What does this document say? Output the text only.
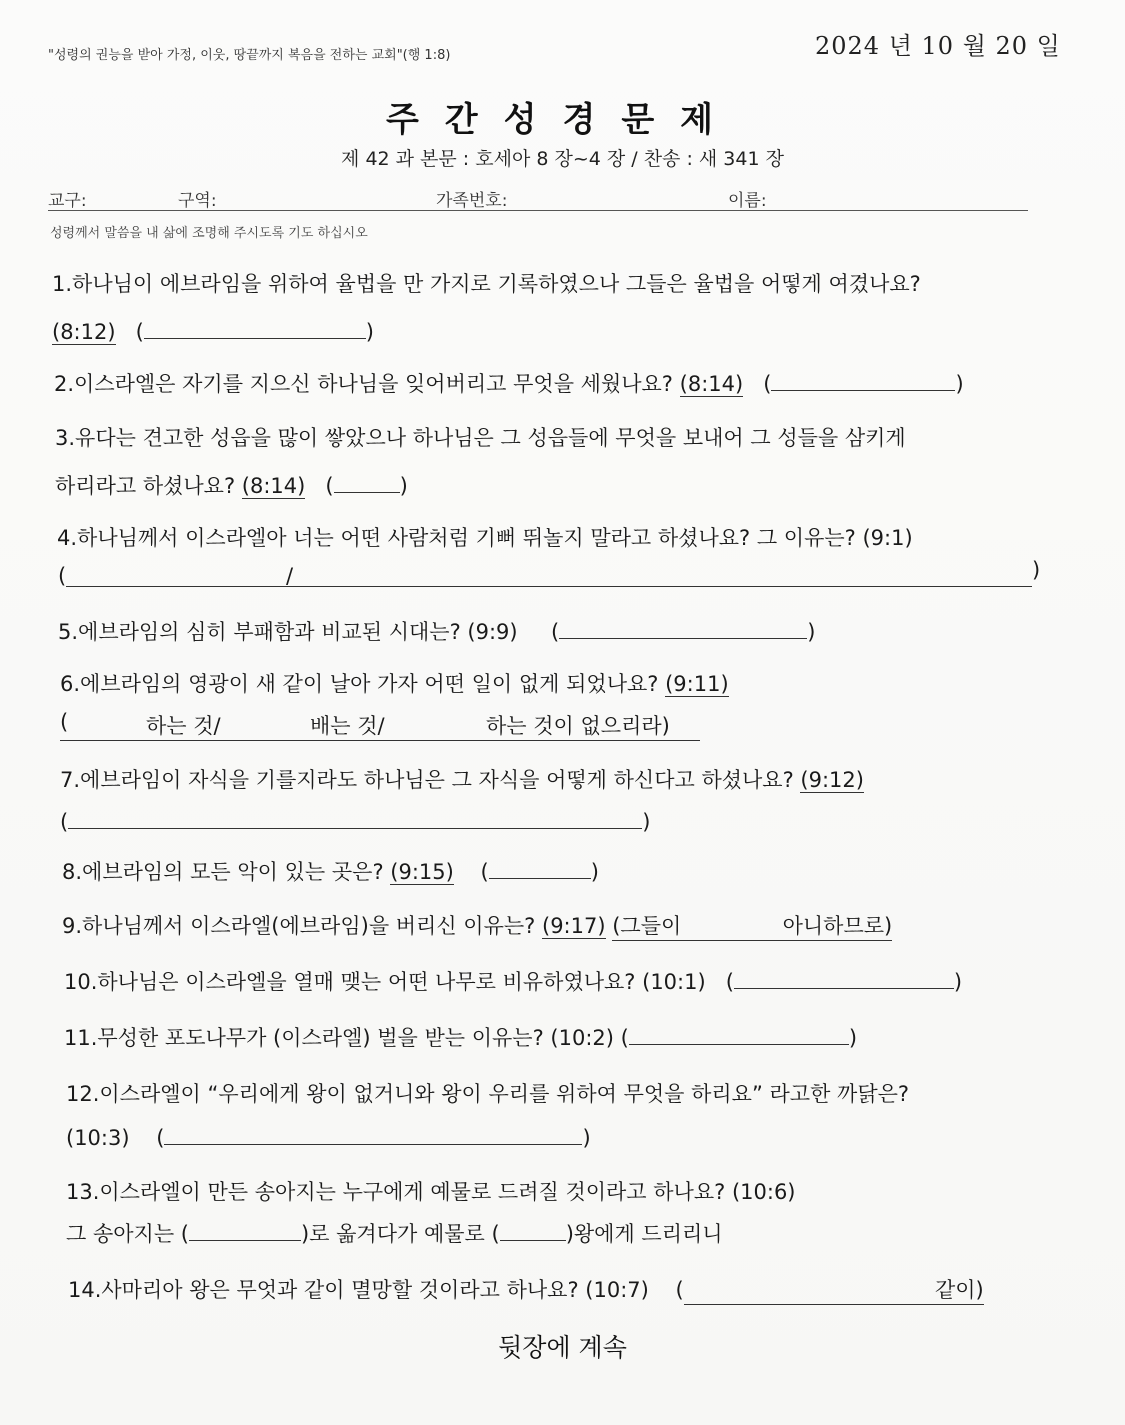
"성령의 권능을 받아 가정, 이웃, 땅끝까지 복음을 전하는 교회"(행 1:8)	2024 년 10 월 20 일
주간성경문제
제 42 과 본문 : 호세아 8 장~4 장 / 찬송 : 새 341 장
교구:	구역:	가족번호:	이름:
성령께서 말씀을 내 삶에 조명해 주시도록 기도 하십시오
1.하나님이 에브라임을 위하여 율법을 만 가지로 기록하였으나 그들은 율법을 어떻게 여겼나요?
(8:12) (	)
2.이스라엘은 자기를 지으신 하나님을 잊어버리고 무엇을 세웠나요? (8:14) (	)
3.유다는 견고한 성읍을 많이 쌓았으나 하나님은 그 성읍들에 무엇을 보내어 그 성들을 삼키게
하리라고 하셨나요? (8:14) (	)
4.하나님께서 이스라엘아 너는 어떤 사람처럼 기뻐 뛰놀지 말라고 하셨나요? 그 이유는? (9:1)
(	/	)
5.에브라임의 심히 부패함과 비교된 시대는? (9:9) (	)
6.에브라임의 영광이 새 같이 날아 가자 어떤 일이 없게 되었나요? (9:11)
(	하는 것/	배는 것/	하는 것이 없으리라)
7.에브라임이 자식을 기를지라도 하나님은 그 자식을 어떻게 하신다고 하셨나요? (9:12)
(	)
8.에브라임의 모든 악이 있는 곳은? (9:15) (	)
9.하나님께서 이스라엘(에브라임)을 버리신 이유는? (9:17) (그들이	아니하므로)
10.하나님은 이스라엘을 열매 맺는 어떤 나무로 비유하였나요? (10:1) (	)
11.무성한 포도나무가 (이스라엘) 벌을 받는 이유는? (10:2) (	)
12.이스라엘이 “우리에게 왕이 없거니와 왕이 우리를 위하여 무엇을 하리요” 라고한 까닭은?
(10:3) (	)
13.이스라엘이 만든 송아지는 누구에게 예물로 드려질 것이라고 하나요? (10:6)
그 송아지는 (	)로 옮겨다가 예물로 (	)왕에게 드리리니
14.사마리아 왕은 무엇과 같이 멸망할 것이라고 하나요? (10:7) (	같이)
뒷장에 계속
